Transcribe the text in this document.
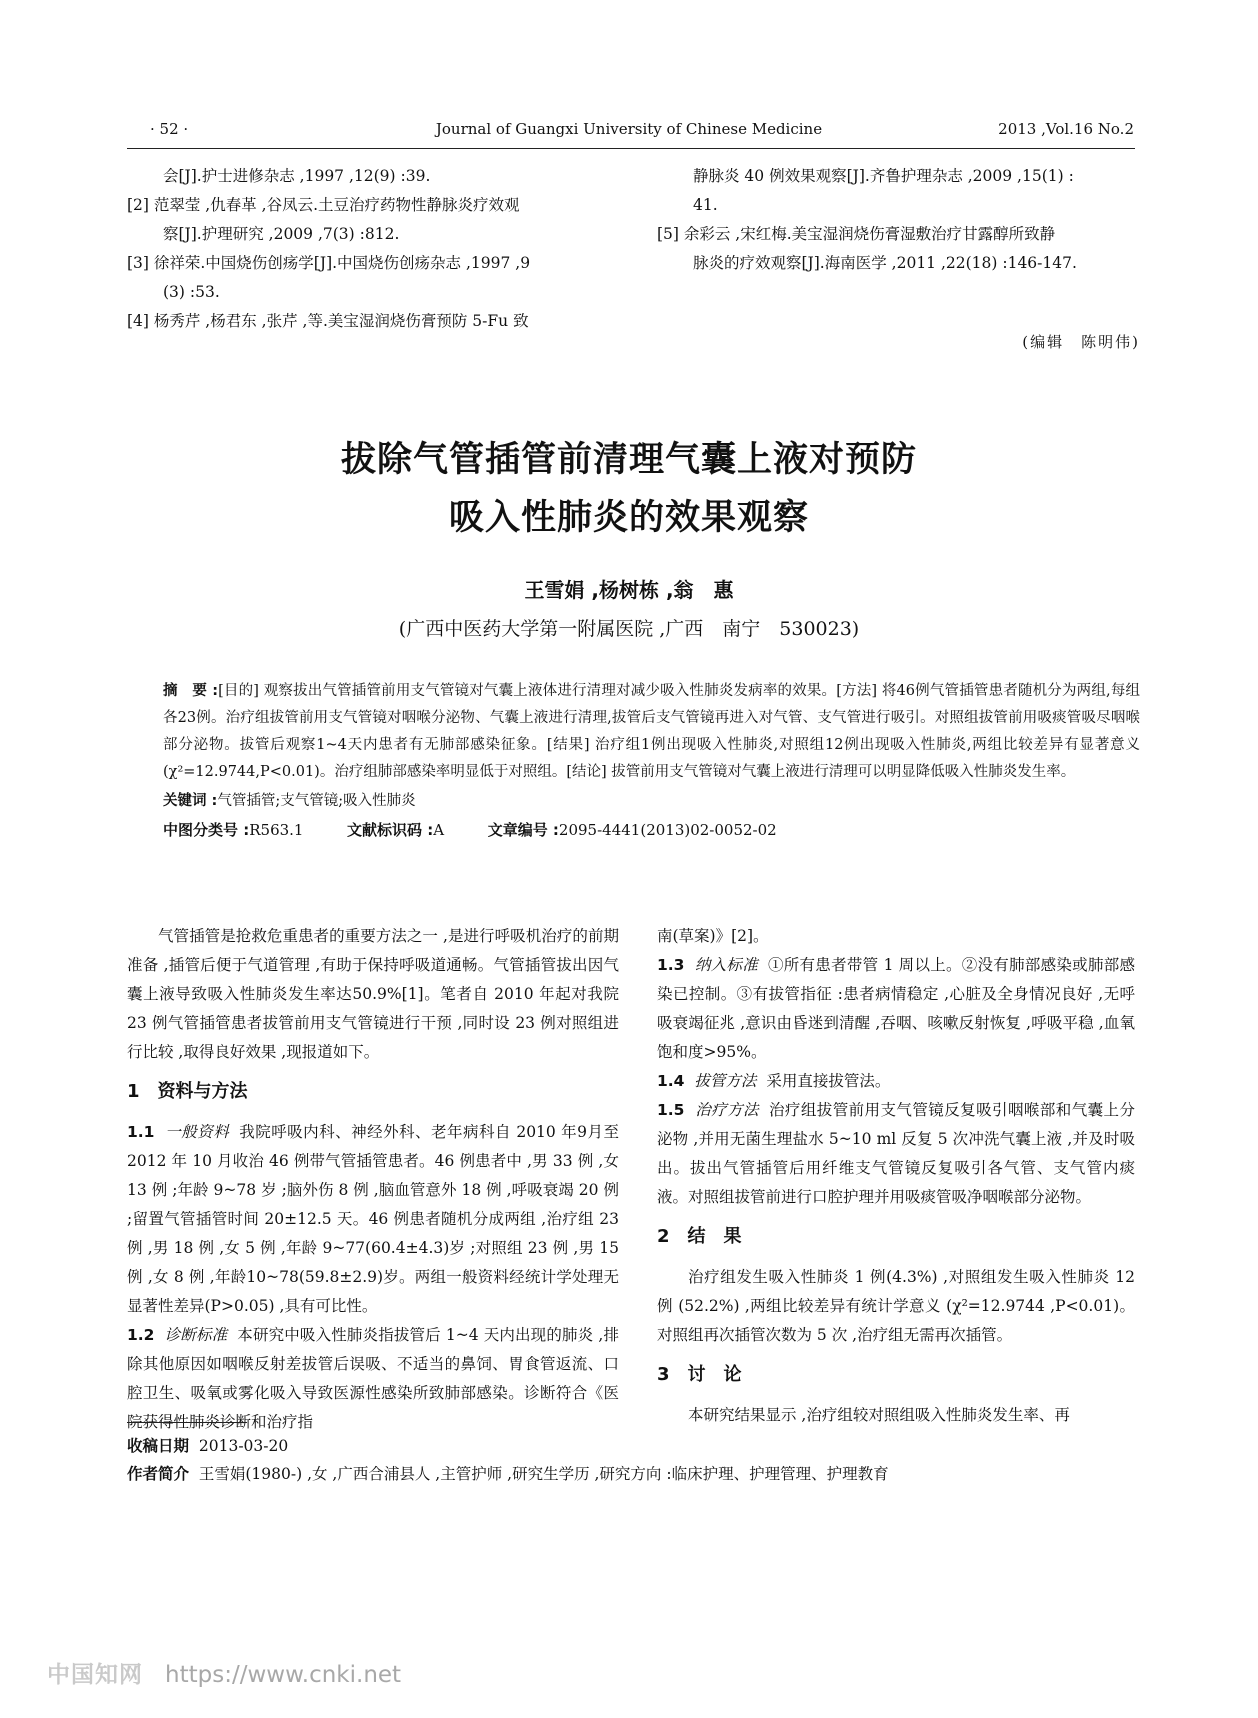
· 52 ·	Journal of Guangxi University of Chinese Medicine	2013 ,Vol.16 No.2

会[J].护士进修杂志 ,1997 ,12(9) :39.

[2] 范翠莹 ,仇春革 ,谷凤云.土豆治疗药物性静脉炎疗效观

察[J].护理研究 ,2009 ,7(3) :812.

[3] 徐祥荣.中国烧伤创疡学[J].中国烧伤创疡杂志 ,1997 ,9

(3) :53.

[4] 杨秀芹 ,杨君东 ,张芹 ,等.美宝湿润烧伤膏预防 5-Fu 致

静脉炎 40 例效果观察[J].齐鲁护理杂志 ,2009 ,15(1) :

41.

[5] 余彩云 ,宋红梅.美宝湿润烧伤膏湿敷治疗甘露醇所致静

脉炎的疗效观察[J].海南医学 ,2011 ,22(18) :146-147.

(编辑　陈明伟)
拔除气管插管前清理气囊上液对预防
吸入性肺炎的效果观察
王雪娟 ,杨树栋 ,翁　惠
(广西中医药大学第一附属医院 ,广西　南宁　530023)

摘　要 :[目的] 观察拔出气管插管前用支气管镜对气囊上液体进行清理对减少吸入性肺炎发病率的效果。[方法] 将46例气管插管患者随机分为两组,每组各23例。治疗组拔管前用支气管镜对咽喉分泌物、气囊上液进行清理,拔管后支气管镜再进入对气管、支气管进行吸引。对照组拔管前用吸痰管吸尽咽喉部分泌物。拔管后观察1~4天内患者有无肺部感染征象。[结果] 治疗组1例出现吸入性肺炎,对照组12例出现吸入性肺炎,两组比较差异有显著意义(χ²=12.9744,P<0.01)。治疗组肺部感染率明显低于对照组。[结论] 拔管前用支气管镜对气囊上液进行清理可以明显降低吸入性肺炎发生率。

关键词 :气管插管;支气管镜;吸入性肺炎

中图分类号 :R563.1	文献标识码 :A	文章编号 :2095-4441(2013)02-0052-02

气管插管是抢救危重患者的重要方法之一 ,是进行呼吸机治疗的前期准备 ,插管后便于气道管理 ,有助于保持呼吸道通畅。气管插管拔出因气囊上液导致吸入性肺炎发生率达50.9%[1]。笔者自 2010 年起对我院 23 例气管插管患者拔管前用支气管镜进行干预 ,同时设 23 例对照组进行比较 ,取得良好效果 ,现报道如下。

1　资料与方法

1.1 一般资料 我院呼吸内科、神经外科、老年病科自 2010 年9月至 2012 年 10 月收治 46 例带气管插管患者。46 例患者中 ,男 33 例 ,女 13 例 ;年龄 9~78 岁 ;脑外伤 8 例 ,脑血管意外 18 例 ,呼吸衰竭 20 例 ;留置气管插管时间 20±12.5 天。46 例患者随机分成两组 ,治疗组 23 例 ,男 18 例 ,女 5 例 ,年龄 9~77(60.4±4.3)岁 ;对照组 23 例 ,男 15 例 ,女 8 例 ,年龄10~78(59.8±2.9)岁。两组一般资料经统计学处理无显著性差异(P>0.05) ,具有可比性。

1.2 诊断标准 本研究中吸入性肺炎指拔管后 1~4 天内出现的肺炎 ,排除其他原因如咽喉反射差拔管后误吸、不适当的鼻饲、胃食管返流、口腔卫生、吸氧或雾化吸入导致医源性感染所致肺部感染。诊断符合《医院获得性肺炎诊断和治疗指

南(草案)》[2]。

1.3 纳入标准 ①所有患者带管 1 周以上。②没有肺部感染或肺部感染已控制。③有拔管指征 :患者病情稳定 ,心脏及全身情况良好 ,无呼吸衰竭征兆 ,意识由昏迷到清醒 ,吞咽、咳嗽反射恢复 ,呼吸平稳 ,血氧饱和度>95%。

1.4 拔管方法 采用直接拔管法。

1.5 治疗方法 治疗组拔管前用支气管镜反复吸引咽喉部和气囊上分泌物 ,并用无菌生理盐水 5~10 ml 反复 5 次冲洗气囊上液 ,并及时吸出。拔出气管插管后用纤维支气管镜反复吸引各气管、支气管内痰液。对照组拔管前进行口腔护理并用吸痰管吸净咽喉部分泌物。

2　结　果

治疗组发生吸入性肺炎 1 例(4.3%) ,对照组发生吸入性肺炎 12 例 (52.2%) ,两组比较差异有统计学意义 (χ²=12.9744 ,P<0.01)。对照组再次插管次数为 5 次 ,治疗组无需再次插管。

3　讨　论

本研究结果显示 ,治疗组较对照组吸入性肺炎发生率、再

收稿日期 2013-03-20
作者简介 王雪娟(1980-) ,女 ,广西合浦县人 ,主管护师 ,研究生学历 ,研究方向 :临床护理、护理管理、护理教育
中国知网 https://www.cnki.net
